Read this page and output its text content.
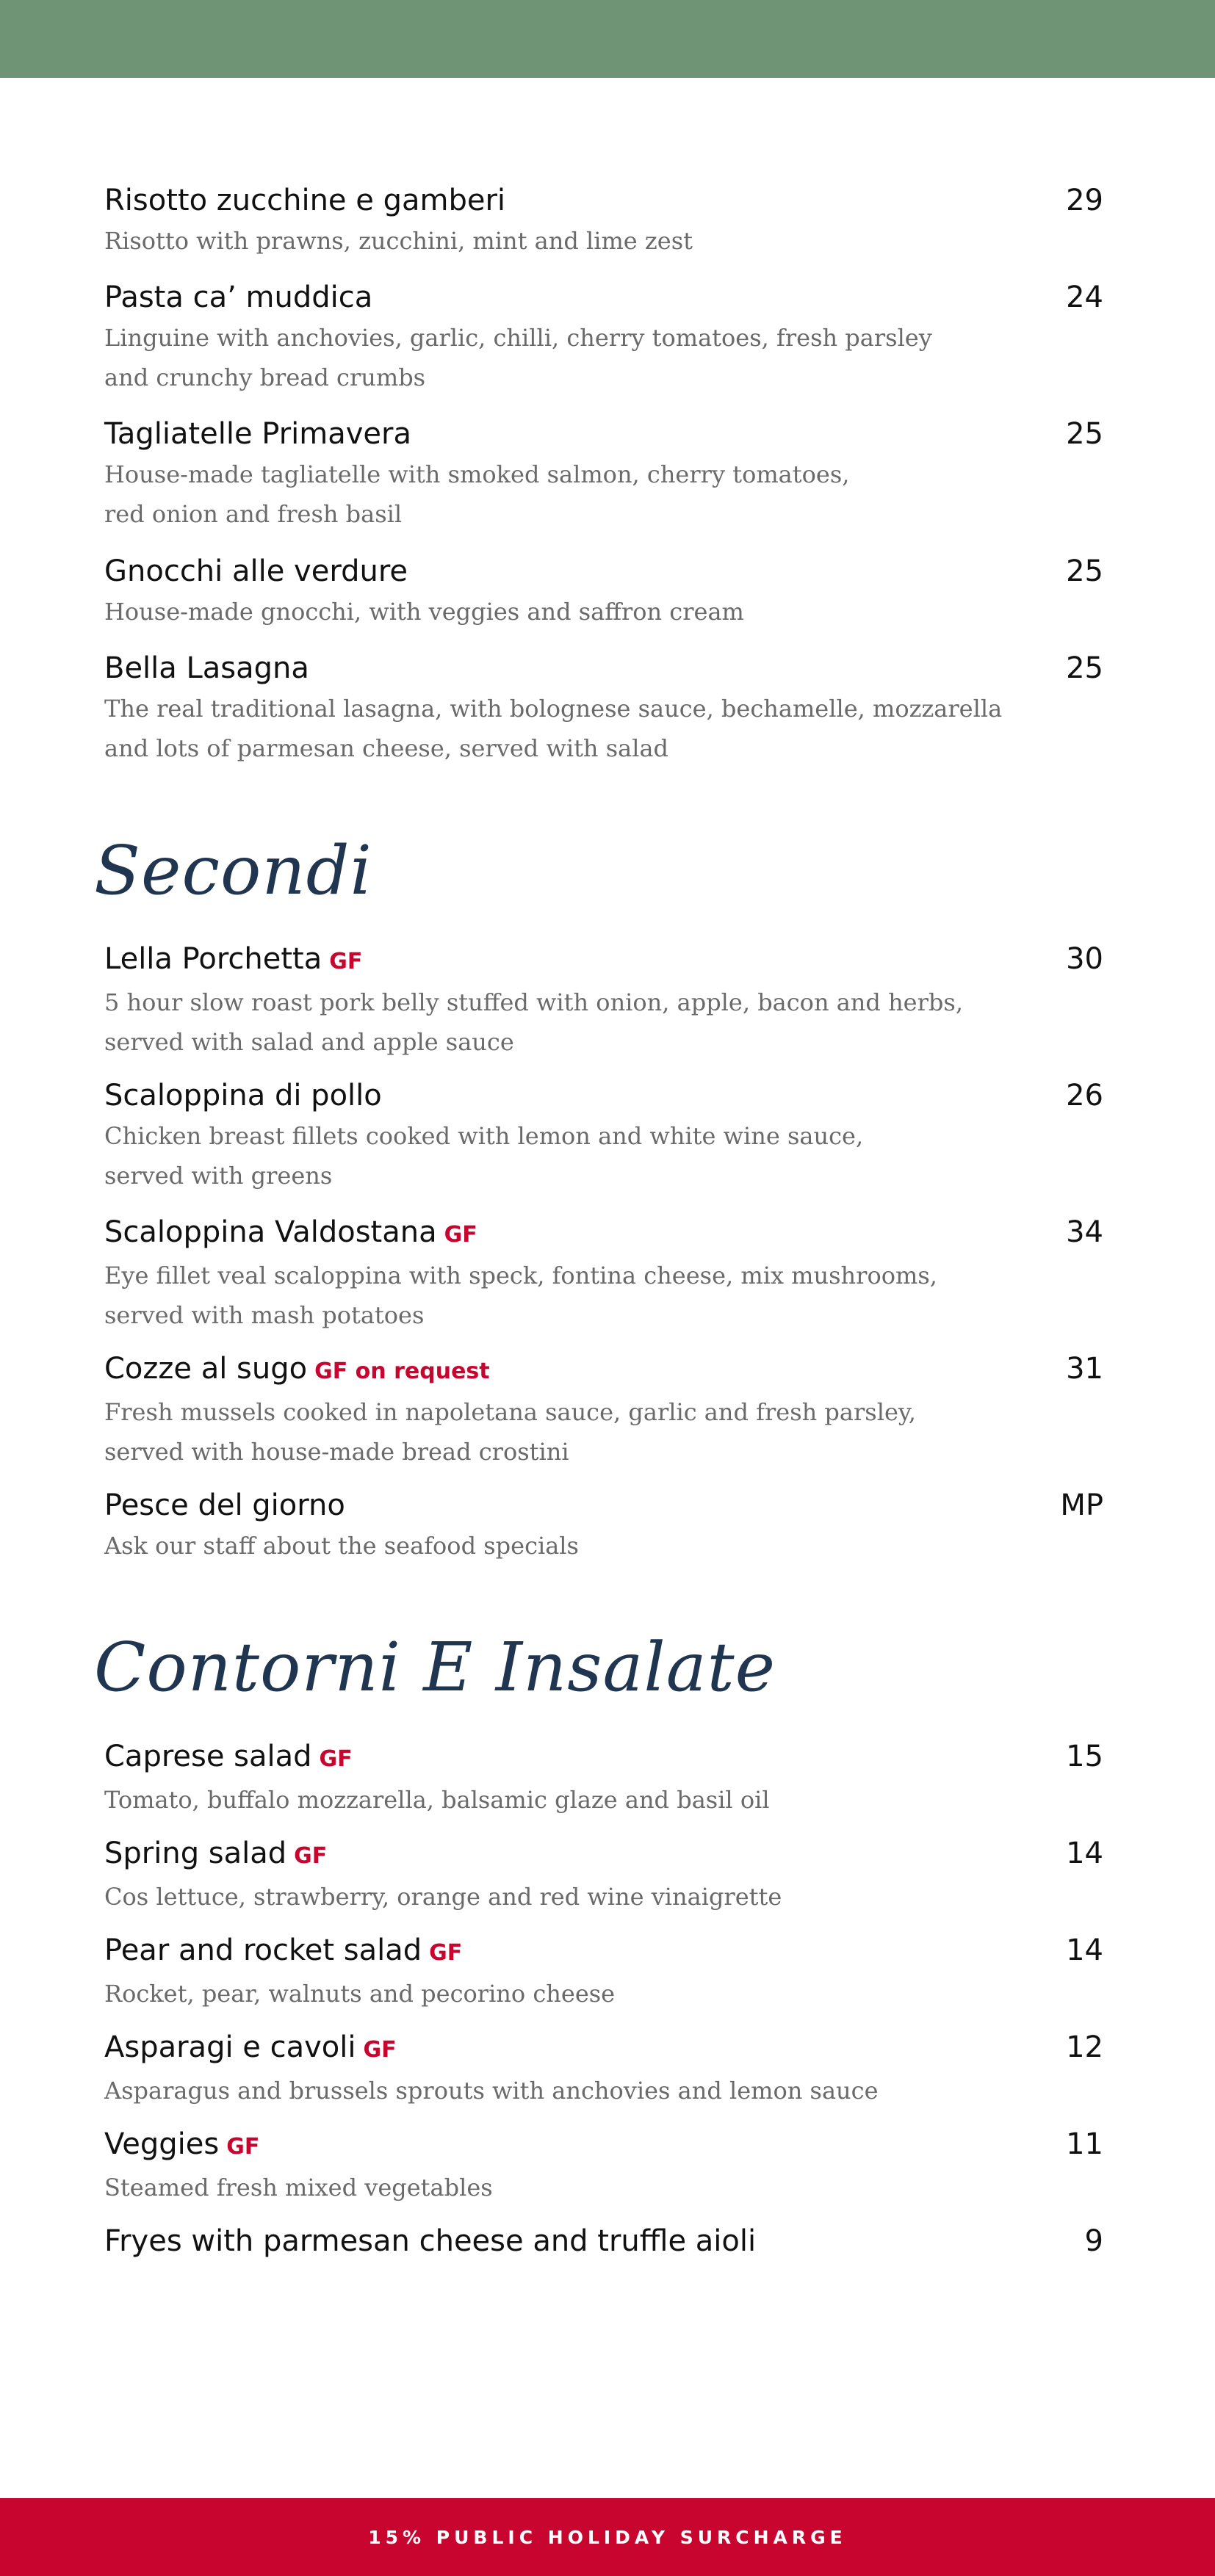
Risotto zucchine e gamberi	29
Risotto with prawns, zucchini, mint and lime zest
Pasta ca’ muddica	24
Linguine with anchovies, garlic, chilli, cherry tomatoes, fresh parsley
and crunchy bread crumbs
Tagliatelle Primavera	25
House-made tagliatelle with smoked salmon, cherry tomatoes,
red onion and fresh basil
Gnocchi alle verdure	25
House-made gnocchi, with veggies and saffron cream
Bella Lasagna	25
The real traditional lasagna, with bolognese sauce, bechamelle, mozzarella
and lots of parmesan cheese, served with salad
Secondi
Lella Porchetta GF	30
5 hour slow roast pork belly stuffed with onion, apple, bacon and herbs,
served with salad and apple sauce
Scaloppina di pollo	26
Chicken breast fillets cooked with lemon and white wine sauce,
served with greens
Scaloppina Valdostana GF	34
Eye fillet veal scaloppina with speck, fontina cheese, mix mushrooms,
served with mash potatoes
Cozze al sugo GF on request	31
Fresh mussels cooked in napoletana sauce, garlic and fresh parsley,
served with house-made bread crostini
Pesce del giorno	MP
Ask our staff about the seafood specials
Contorni E Insalate
Caprese salad GF	15
Tomato, buffalo mozzarella, balsamic glaze and basil oil
Spring salad GF	14
Cos lettuce, strawberry, orange and red wine vinaigrette
Pear and rocket salad GF	14
Rocket, pear, walnuts and pecorino cheese
Asparagi e cavoli GF	12
Asparagus and brussels sprouts with anchovies and lemon sauce
Veggies GF	11
Steamed fresh mixed vegetables
Fryes with parmesan cheese and truffle aioli	9
15% PUBLIC HOLIDAY SURCHARGE
